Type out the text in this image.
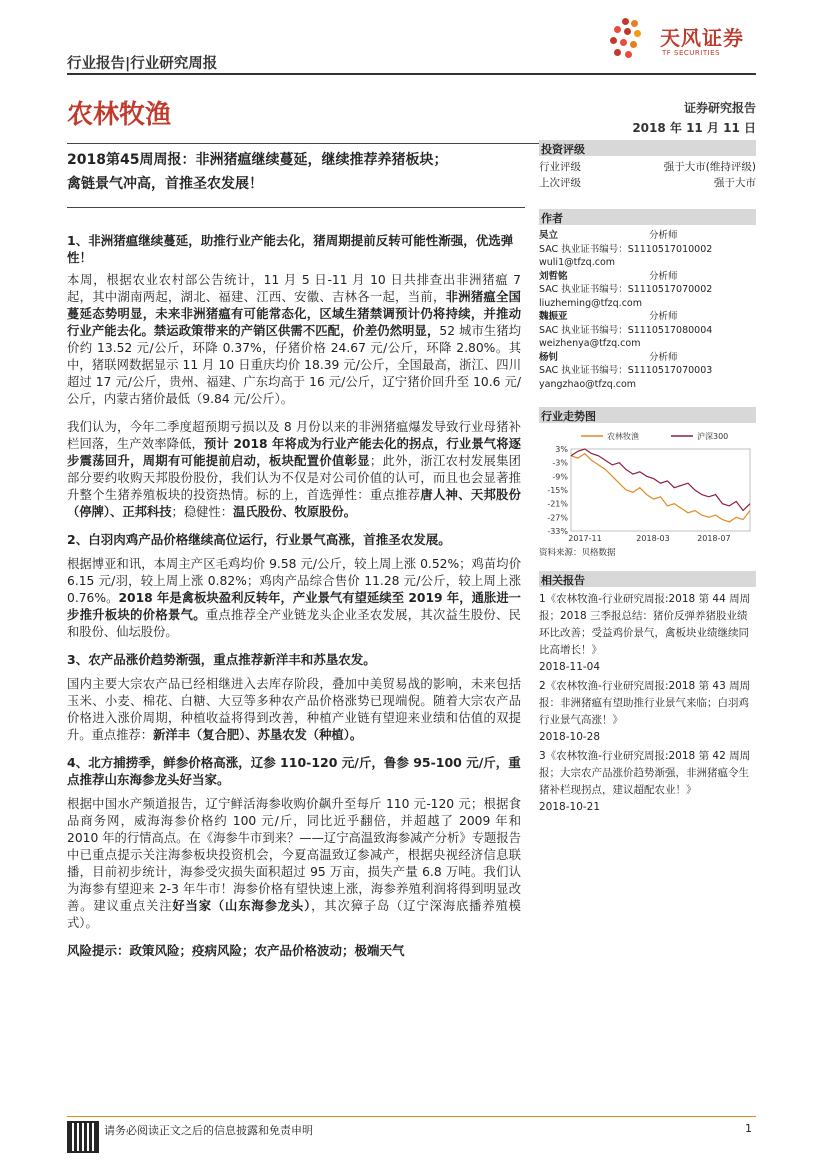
天风证券
TF SECURITIES
行业报告|行业研究周报
农林牧渔	证券研究报告
2018 年 11 月 11 日
2018第45周周报：非洲猪瘟继续蔓延，继续推荐养猪板块；
禽链景气冲高，首推圣农发展！
1、非洲猪瘟继续蔓延，助推行业产能去化，猪周期提前反转可能性渐强，优选弹性！
本周，根据农业农村部公告统计，11 月 5 日-11 月 10 日共排查出非洲猪瘟 7 起，其中湖南两起，湖北、福建、江西、安徽、吉林各一起，当前，非洲猪瘟全国蔓延态势明显，未来非洲猪瘟有可能常态化，区域生猪禁调预计仍将持续，并推动行业产能去化。禁运政策带来的产销区供需不匹配，价差仍然明显，52 城市生猪均价约 13.52 元/公斤，环降 0.37%，仔猪价格 24.67 元/公斤，环降 2.80%。其中，猪联网数据显示 11 月 10 日重庆均价 18.39 元/公斤，全国最高，浙江、四川超过 17 元/公斤，贵州、福建、广东均高于 16 元/公斤，辽宁猪价回升至 10.6 元/公斤，内蒙古猪价最低（9.84 元/公斤）。
我们认为，今年二季度超预期亏损以及 8 月份以来的非洲猪瘟爆发导致行业母猪补栏回落，生产效率降低，预计 2018 年将成为行业产能去化的拐点，行业景气将逐步震荡回升，周期有可能提前启动，板块配置价值彰显；此外，浙江农村发展集团部分要约收购天邦股份股份，我们认为不仅是对公司价值的认可，而且也会显著推升整个生猪养殖板块的投资热情。标的上，首选弹性：重点推荐唐人神、天邦股份（停牌）、正邦科技；稳健性：温氏股份、牧原股份。
2、白羽肉鸡产品价格继续高位运行，行业景气高涨，首推圣农发展。
根据博亚和讯，本周主产区毛鸡均价 9.58 元/公斤，较上周上涨 0.52%；鸡苗均价 6.15 元/羽，较上周上涨 0.82%；鸡肉产品综合售价 11.28 元/公斤，较上周上涨 0.76%。2018 年是禽板块盈利反转年，产业景气有望延续至 2019 年，通胀进一步推升板块的价格景气。重点推荐全产业链龙头企业圣农发展，其次益生股份、民和股份、仙坛股份。
3、农产品涨价趋势渐强，重点推荐新洋丰和苏垦农发。
国内主要大宗农产品已经相继进入去库存阶段，叠加中美贸易战的影响，未来包括玉米、小麦、棉花、白糖、大豆等多种农产品价格涨势已现端倪。随着大宗农产品价格进入涨价周期，种植收益将得到改善，种植产业链有望迎来业绩和估值的双提升。重点推荐：新洋丰（复合肥）、苏垦农发（种植）。
4、北方捕捞季，鲜参价格高涨，辽参 110-120 元/斤，鲁参 95-100 元/斤，重点推荐山东海参龙头好当家。
根据中国水产频道报告，辽宁鲜活海参收购价飙升至每斤 110 元-120 元；根据食品商务网，威海海参价格约 100 元/斤，同比近乎翻倍，并超越了 2009 年和 2010 年的行情高点。在《海参牛市到来？——辽宁高温致海参减产分析》专题报告中已重点提示关注海参板块投资机会，今夏高温致辽参减产，根据央视经济信息联播，目前初步统计，海参受灾损失面积超过 95 万亩，损失产量 6.8 万吨。我们认为海参有望迎来 2-3 年牛市！海参价格有望快速上涨，海参养殖利润将得到明显改善。建议重点关注好当家（山东海参龙头），其次獐子岛（辽宁深海底播养殖模式）。
风险提示：政策风险；疫病风险；农产品价格波动；极端天气
投资评级
行业评级	强于大市(维持评级)
上次评级	强于大市
作者
吴立	分析师
SAC 执业证书编号：S1110517010002
wuli1@tfzq.com
刘哲铭	分析师
SAC 执业证书编号：S1110517070002
liuzheming@tfzq.com
魏振亚	分析师
SAC 执业证书编号：S1110517080004
weizhenya@tfzq.com
杨钊	分析师
SAC 执业证书编号：S1110517070003
yangzhao@tfzq.com
行业走势图
3%
-3%
-9%
-15%
-21%
-27%
-33%
2017-11	2018-03	2018-07
农林牧渔	沪深300
资料来源：贝格数据
相关报告
1《农林牧渔-行业研究周报:2018 第 44 周周报；2018 三季报总结：猪价反弹养猪股业绩环比改善；受益鸡价景气，禽板块业绩继续同比高增长！》
2018-11-04
2《农林牧渔-行业研究周报:2018 第 43 周周报：非洲猪瘟有望助推行业景气来临；白羽鸡行业景气高涨！》
2018-10-28
3《农林牧渔-行业研究周报:2018 第 42 周周报；大宗农产品涨价趋势渐强，非洲猪瘟令生猪补栏现拐点，建议超配农业！》
2018-10-21
请务必阅读正文之后的信息披露和免责申明	1
